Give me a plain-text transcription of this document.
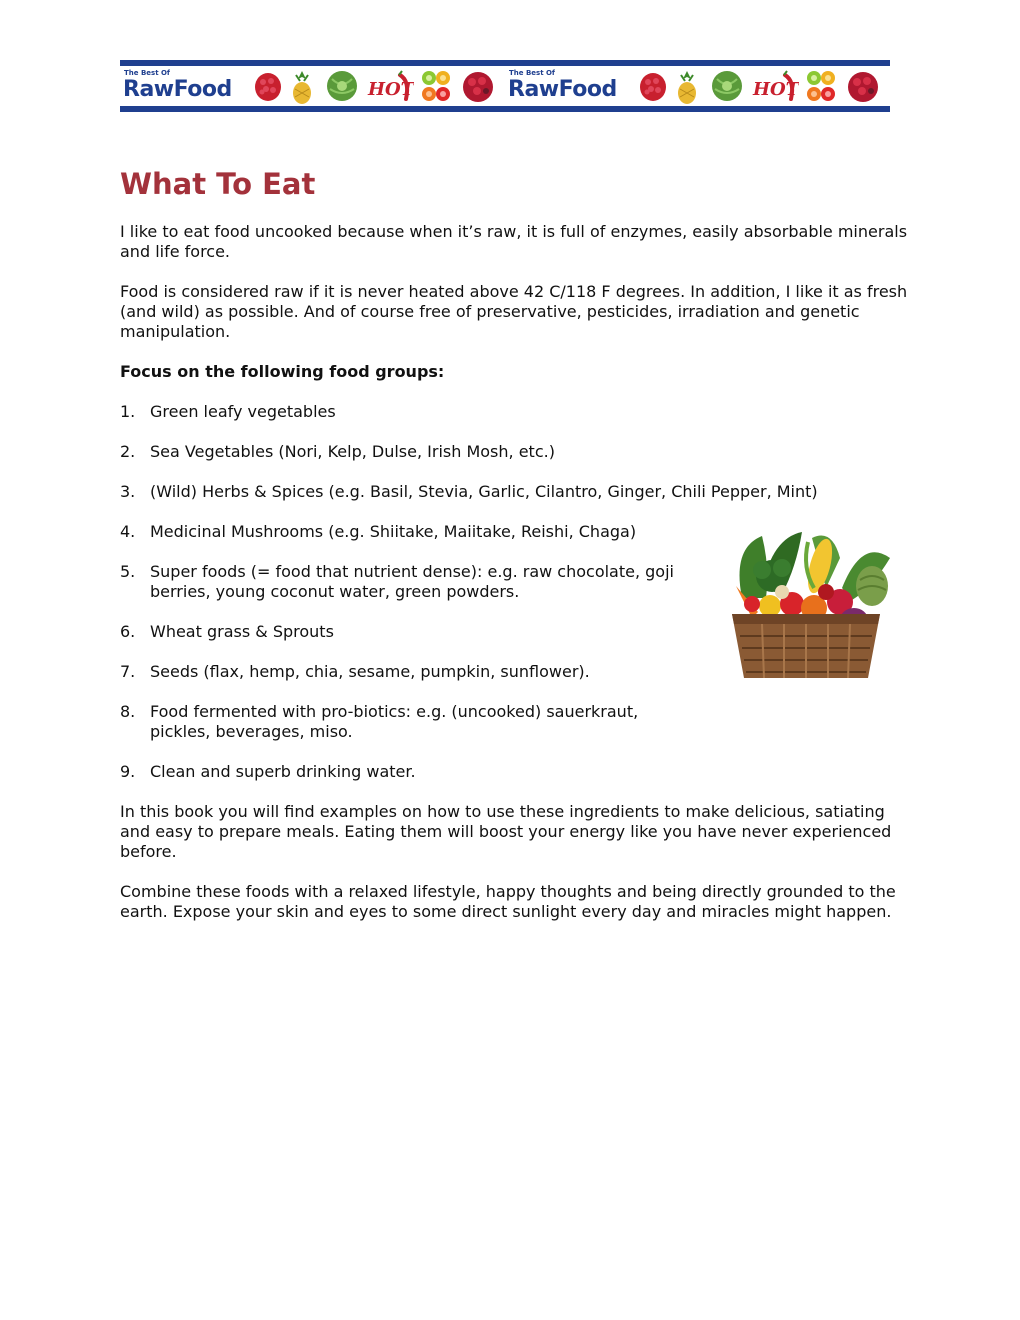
The Best Of
RawFood	HOT
The Best Of
RawFood	HOT
What To Eat

I like to eat food uncooked because when it’s raw, it is full of enzymes, easily absorbable minerals and life force.

Food is considered raw if it is never heated above 42 C/118 F degrees. In addition, I like it as fresh (and wild) as possible. And of course free of preservative, pesticides, irradiation and genetic manipulation.

Focus on the following food groups:

1. Green leafy vegetables
2. Sea Vegetables (Nori, Kelp, Dulse, Irish Mosh, etc.)
3. (Wild) Herbs & Spices (e.g. Basil, Stevia, Garlic, Cilantro, Ginger, Chili Pepper, Mint)
4. Medicinal Mushrooms (e.g. Shiitake, Maiitake, Reishi, Chaga)
5. Super foods (= food that nutrient dense): e.g. raw chocolate, goji berries, young coconut water, green powders.
6. Wheat grass & Sprouts
7. Seeds (flax, hemp, chia, sesame, pumpkin, sunflower).
8. Food fermented with pro-biotics: e.g. (uncooked) sauerkraut, pickles, beverages, miso.
9. Clean and superb drinking water.

In this book you will find examples on how to use these ingredients to make delicious, satiating and easy to prepare meals. Eating them will boost your energy like you have never experienced before.

Combine these foods with a relaxed lifestyle, happy thoughts and being directly grounded to the earth. Expose your skin and eyes to some direct sunlight every day and miracles might happen.
